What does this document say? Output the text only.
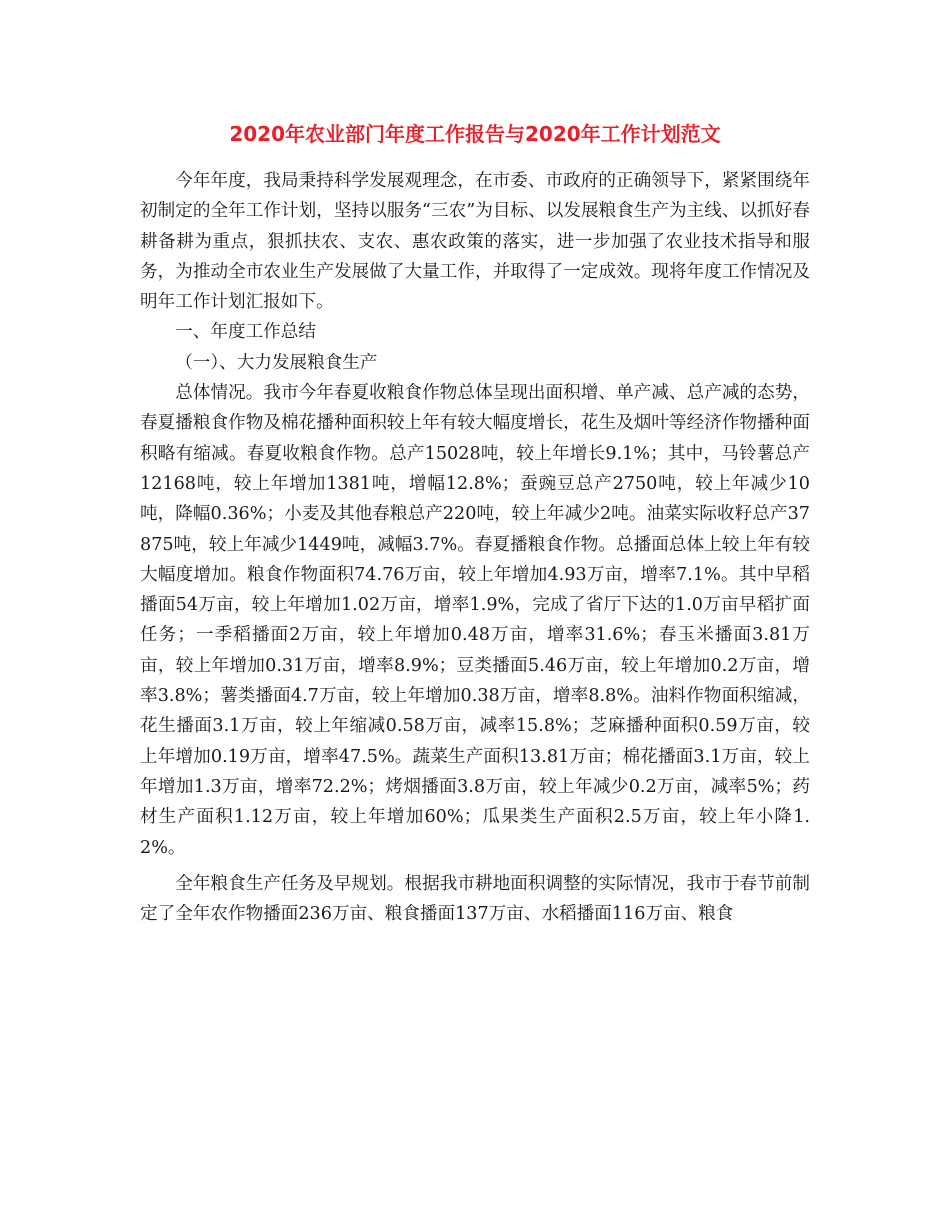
2020年农业部门年度工作报告与2020年工作计划范文

今年年度，我局秉持科学发展观理念，在市委、市政府的正确领导下，紧紧围绕年初制定的全年工作计划，坚持以服务“三农”为目标、以发展粮食生产为主线、以抓好春耕备耕为重点，狠抓扶农、支农、惠农政策的落实，进一步加强了农业技术指导和服务，为推动全市农业生产发展做了大量工作，并取得了一定成效。现将年度工作情况及明年工作计划汇报如下。

一、年度工作总结

（一）、大力发展粮食生产

总体情况。我市今年春夏收粮食作物总体呈现出面积增、单产减、总产减的态势，春夏播粮食作物及棉花播种面积较上年有较大幅度增长，花生及烟叶等经济作物播种面积略有缩减。春夏收粮食作物。总产15028吨，较上年增长9.1%；其中，马铃薯总产12168吨，较上年增加1381吨，增幅12.8%；蚕豌豆总产2750吨，较上年减少10吨，降幅0.36%；小麦及其他春粮总产220吨，较上年减少2吨。油菜实际收籽总产37875吨，较上年减少1449吨，减幅3.7%。春夏播粮食作物。总播面总体上较上年有较大幅度增加。粮食作物面积74.76万亩，较上年增加4.93万亩，增率7.1%。其中早稻播面54万亩，较上年增加1.02万亩，增率1.9%，完成了省厅下达的1.0万亩早稻扩面任务；一季稻播面2万亩，较上年增加0.48万亩，增率31.6%；春玉米播面3.81万亩，较上年增加0.31万亩，增率8.9%；豆类播面5.46万亩，较上年增加0.2万亩，增率3.8%；薯类播面4.7万亩，较上年增加0.38万亩，增率8.8%。油料作物面积缩减，花生播面3.1万亩，较上年缩减0.58万亩，减率15.8%；芝麻播种面积0.59万亩，较上年增加0.19万亩，增率47.5%。蔬菜生产面积13.81万亩；棉花播面3.1万亩，较上年增加1.3万亩，增率72.2%；烤烟播面3.8万亩，较上年减少0.2万亩，减率5%；药材生产面积1.12万亩，较上年增加60%；瓜果类生产面积2.5万亩，较上年小降1.2%。

全年粮食生产任务及早规划。根据我市耕地面积调整的实际情况，我市于春节前制定了全年农作物播面236万亩、粮食播面137万亩、水稻播面116万亩、粮食
